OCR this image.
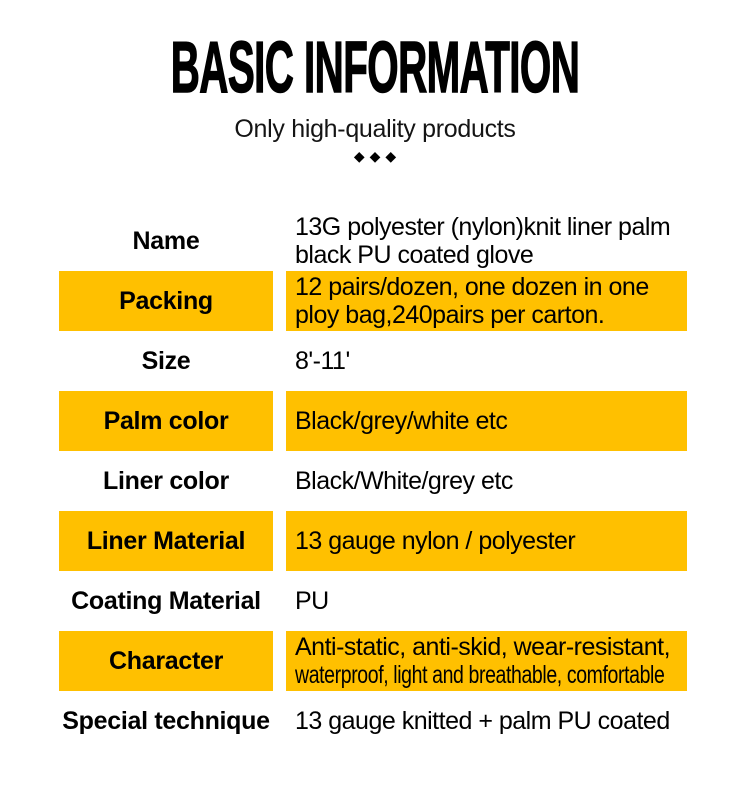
BASIC INFORMATION
Only high-quality products
◆◆◆
Name	13G polyester (nylon)knit liner palm
black PU coated glove
Packing	12 pairs/dozen, one dozen in one
ploy bag,240pairs per carton.
Size	8'-11'
Palm color	Black/grey/white etc
Liner color	Black/White/grey etc
Liner Material	13 gauge nylon / polyester
Coating Material	PU
Character	Anti-static, anti-skid, wear-resistant,
waterproof, light and breathable, comfortable
Special technique 13 gauge knitted + palm PU coated
